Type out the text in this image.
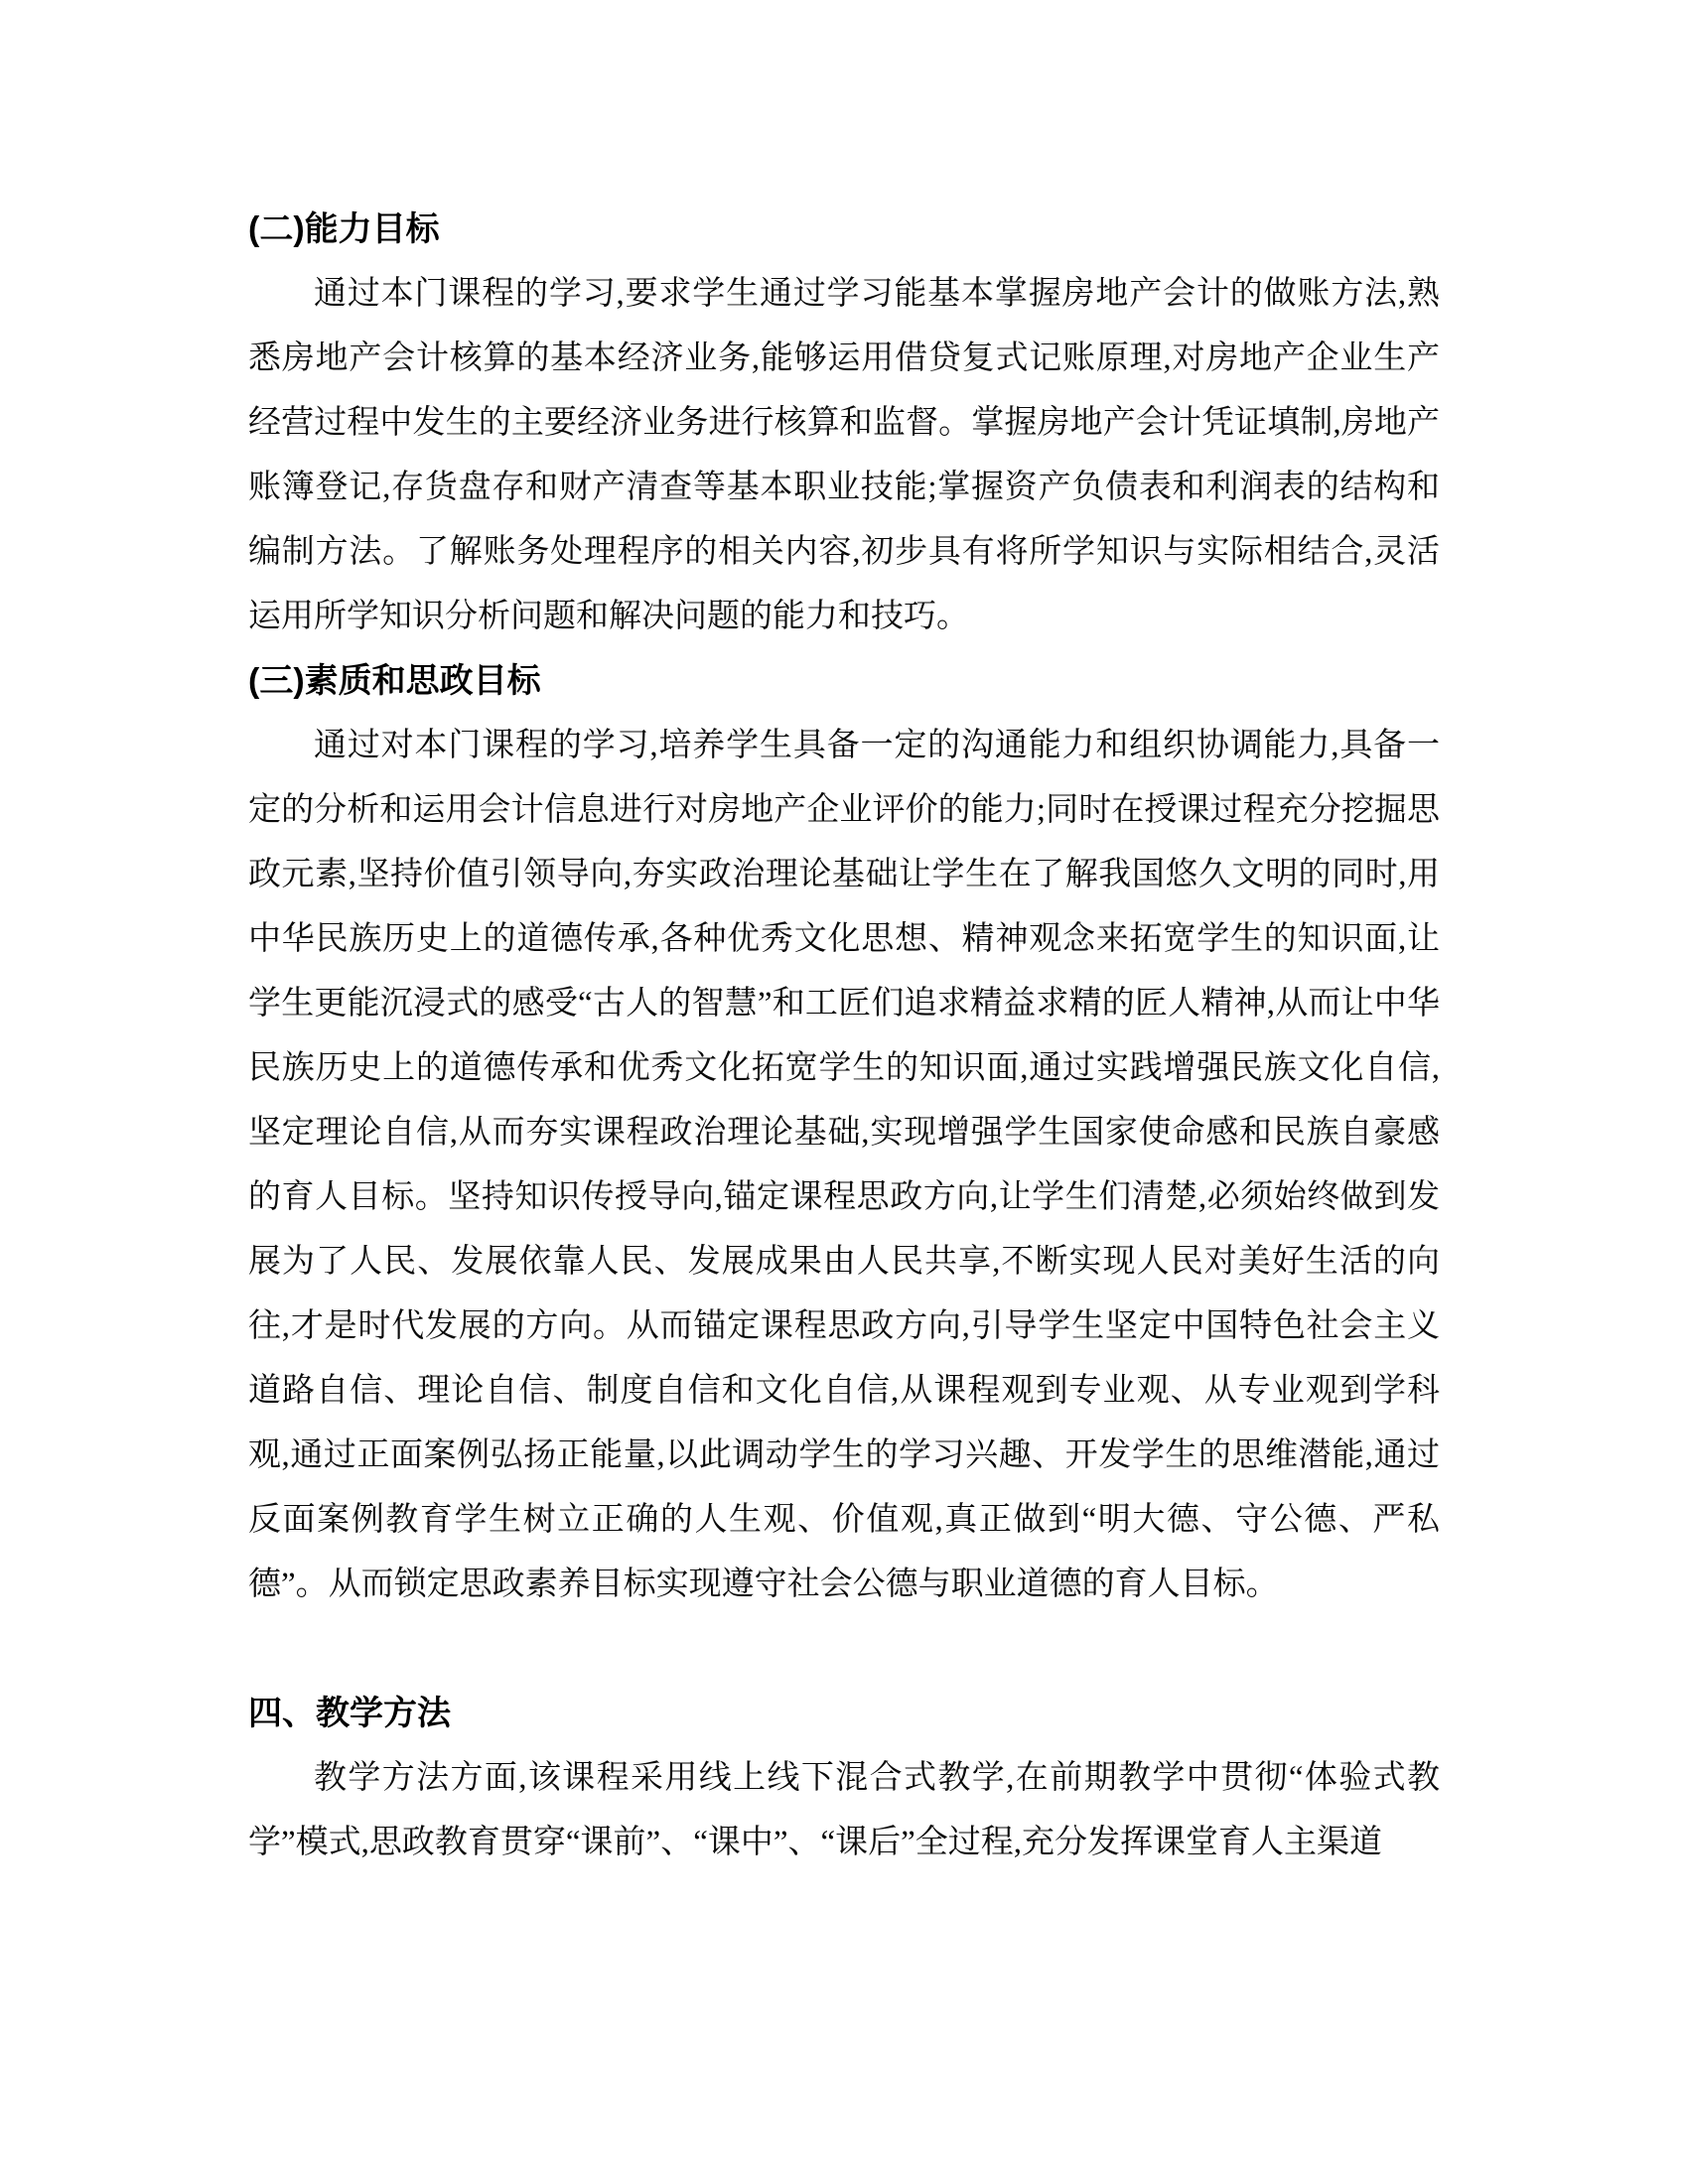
(二)能力目标

通过本门课程的学习,要求学生通过学习能基本掌握房地产会计的做账方法,熟悉房地产会计核算的基本经济业务,能够运用借贷复式记账原理,对房地产企业生产经营过程中发生的主要经济业务进行核算和监督。掌握房地产会计凭证填制,房地产账簿登记,存货盘存和财产清查等基本职业技能;掌握资产负债表和利润表的结构和编制方法。了解账务处理程序的相关内容,初步具有将所学知识与实际相结合,灵活运用所学知识分析问题和解决问题的能力和技巧。

(三)素质和思政目标

通过对本门课程的学习,培养学生具备一定的沟通能力和组织协调能力,具备一定的分析和运用会计信息进行对房地产企业评价的能力;同时在授课过程充分挖掘思政元素,坚持价值引领导向,夯实政治理论基础让学生在了解我国悠久文明的同时,用中华民族历史上的道德传承,各种优秀文化思想、精神观念来拓宽学生的知识面,让学生更能沉浸式的感受“古人的智慧”和工匠们追求精益求精的匠人精神,从而让中华民族历史上的道德传承和优秀文化拓宽学生的知识面,通过实践增强民族文化自信,坚定理论自信,从而夯实课程政治理论基础,实现增强学生国家使命感和民族自豪感的育人目标。坚持知识传授导向,锚定课程思政方向,让学生们清楚,必须始终做到发展为了人民、发展依靠人民、发展成果由人民共享,不断实现人民对美好生活的向往,才是时代发展的方向。从而锚定课程思政方向,引导学生坚定中国特色社会主义道路自信、理论自信、制度自信和文化自信,从课程观到专业观、从专业观到学科观,通过正面案例弘扬正能量,以此调动学生的学习兴趣、开发学生的思维潜能,通过反面案例教育学生树立正确的人生观、价值观,真正做到“明大德、守公德、严私德”。从而锁定思政素养目标实现遵守社会公德与职业道德的育人目标。

四、教学方法

教学方法方面,该课程采用线上线下混合式教学,在前期教学中贯彻“体验式教学”模式,思政教育贯穿“课前”、“课中”、“课后”全过程,充分发挥课堂育人主渠道
